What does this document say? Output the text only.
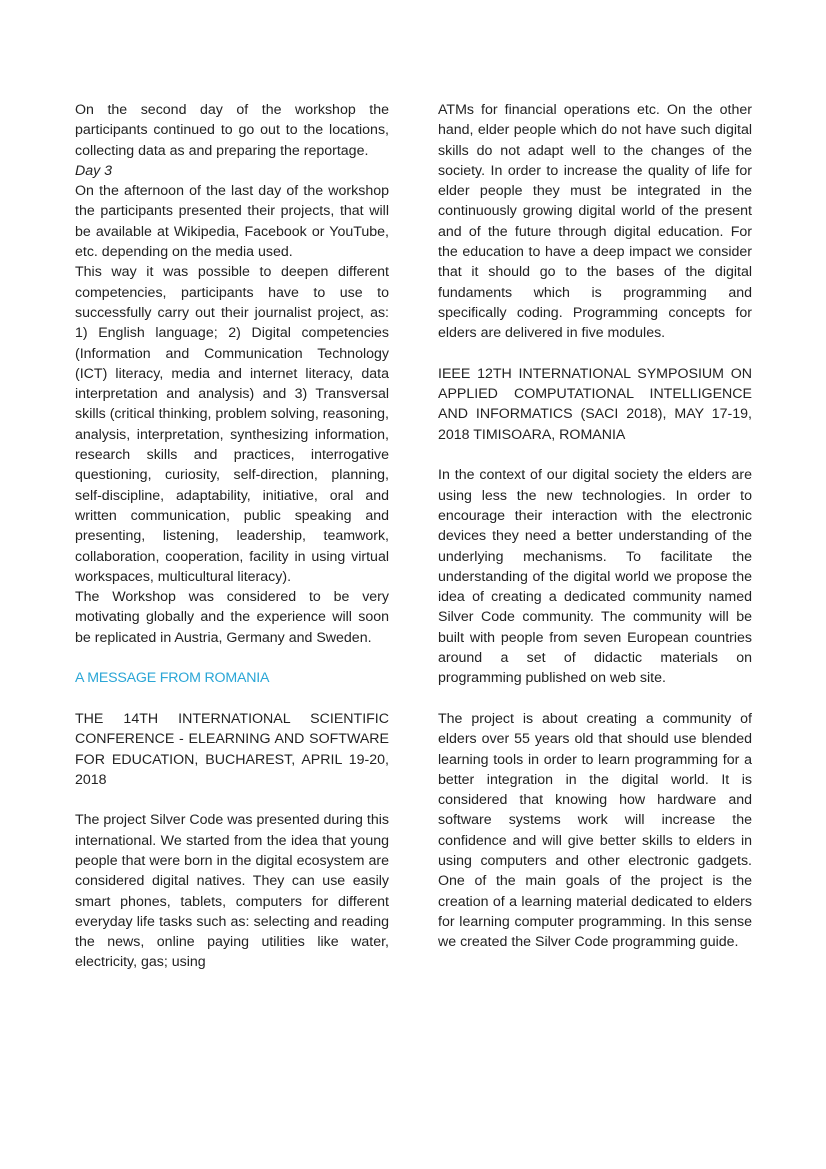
On the second day of the workshop the participants continued to go out to the locations, collecting data as and preparing the reportage.

Day 3

On the afternoon of the last day of the workshop the participants presented their projects, that will be available at Wikipedia, Facebook or YouTube, etc. depending on the media used.

This way it was possible to deepen different competencies, participants have to use to successfully carry out their journalist project, as: 1) English language; 2) Digital competencies (Information and Communication Technology (ICT) literacy, media and internet literacy, data interpretation and analysis) and 3) Transversal skills (critical thinking, problem solving, reasoning, analysis, interpretation, synthesizing information, research skills and practices, interrogative questioning, curiosity, self-direction, planning, self-discipline, adaptability, initiative, oral and written communication, public speaking and presenting, listening, leadership, teamwork, collaboration, cooperation, facility in using virtual workspaces, multicultural literacy).

The Workshop was considered to be very motivating globally and the experience will soon be replicated in Austria, Germany and Sweden.

A MESSAGE FROM ROMANIA

THE 14TH INTERNATIONAL SCIENTIFIC CONFERENCE - ELEARNING AND SOFTWARE FOR EDUCATION, BUCHAREST, APRIL 19-20, 2018

The project Silver Code was presented during this international. We started from the idea that young people that were born in the digital ecosystem are considered digital natives. They can use easily smart phones, tablets, computers for different everyday life tasks such as: selecting and reading the news, online paying utilities like water, electricity, gas; using

ATMs for financial operations etc. On the other hand, elder people which do not have such digital skills do not adapt well to the changes of the society. In order to increase the quality of life for elder people they must be integrated in the continuously growing digital world of the present and of the future through digital education. For the education to have a deep impact we consider that it should go to the bases of the digital fundaments which is programming and specifically coding. Programming concepts for elders are delivered in five modules.

IEEE 12TH INTERNATIONAL SYMPOSIUM ON APPLIED COMPUTATIONAL INTELLIGENCE AND INFORMATICS (SACI 2018), MAY 17-19, 2018 TIMISOARA, ROMANIA

In the context of our digital society the elders are using less the new technologies. In order to encourage their interaction with the electronic devices they need a better understanding of the underlying mechanisms. To facilitate the understanding of the digital world we propose the idea of creating a dedicated community named Silver Code community. The community will be built with people from seven European countries around a set of didactic materials on programming published on web site.

The project is about creating a community of elders over 55 years old that should use blended learning tools in order to learn programming for a better integration in the digital world. It is considered that knowing how hardware and software systems work will increase the confidence and will give better skills to elders in using computers and other electronic gadgets. One of the main goals of the project is the creation of a learning material dedicated to elders for learning computer programming. In this sense we created the Silver Code programming guide.
